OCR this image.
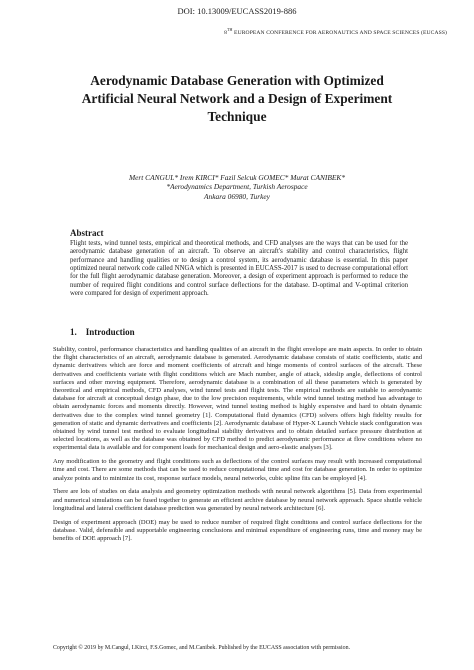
DOI: 10.13009/EUCASS2019-886
8TH EUROPEAN CONFERENCE FOR AERONAUTICS AND SPACE SCIENCES (EUCASS)
Aerodynamic Database Generation with Optimized
Artificial Neural Network and a Design of Experiment
Technique
Mert CANGUL* Irem KIRCI* Fazil Selcuk GOMEC* Murat CANIBEK*
*Aerodynamics Department, Turkish Aerospace
Ankara 06980, Turkey
Abstract
Flight tests, wind tunnel tests, empirical and theoretical methods, and CFD analyses are the ways that can be used for the aerodynamic database generation of an aircraft. To observe an aircraft's stability and control characteristics, flight performance and handling qualities or to design a control system, its aerodynamic database is essential. In this paper optimized neural network code called NNGA which is presented in EUCASS-2017 is used to decrease computational effort for the full flight aerodynamic database generation. Moreover, a design of experiment approach is performed to reduce the number of required flight conditions and control surface deflections for the database. D-optimal and V-optimal criterion were compared for design of experiment approach.
1. Introduction

Stability, control, performance characteristics and handling qualities of an aircraft in the flight envelope are main aspects. In order to obtain the flight characteristics of an aircraft, aerodynamic database is generated. Aerodynamic database consists of static coefficients, static and dynamic derivatives which are force and moment coefficients of aircraft and hinge moments of control surfaces of the aircraft. These derivatives and coefficients variate with flight conditions which are Mach number, angle of attack, sideslip angle, deflections of control surfaces and other moving equipment. Therefore, aerodynamic database is a combination of all these parameters which is generated by theoretical and empirical methods, CFD analyses, wind tunnel tests and flight tests. The empirical methods are suitable to aerodynamic database for aircraft at conceptual design phase, due to the low precision requirements, while wind tunnel testing method has advantage to obtain aerodynamic forces and moments directly. However, wind tunnel testing method is highly expensive and hard to obtain dynamic derivatives due to the complex wind tunnel geometry [1]. Computational fluid dynamics (CFD) solvers offers high fidelity results for generation of static and dynamic derivatives and coefficients [2]. Aerodynamic database of Hyper-X Launch Vehicle stack configuration was obtained by wind tunnel test method to evaluate longitudinal stability derivatives and to obtain detailed surface pressure distribution at selected locations, as well as the database was obtained by CFD method to predict aerodynamic performance at flow conditions where no experimental data is available and for component loads for mechanical design and aero-elastic analyses [3].

Any modification to the geometry and flight conditions such as deflections of the control surfaces may result with increased computational time and cost. There are some methods that can be used to reduce computational time and cost for database generation. In order to optimize analyze points and to minimize its cost, response surface models, neural networks, cubic spline fits can be employed [4].

There are lots of studies on data analysis and geometry optimization methods with neural network algorithms [5]. Data from experimental and numerical simulations can be fused together to generate an efficient archive database by neural network approach. Space shuttle vehicle longitudinal and lateral coefficient database prediction was generated by neural network architecture [6].

Design of experiment approach (DOE) may be used to reduce number of required flight conditions and control surface deflections for the database. Valid, defensible and supportable engineering conclusions and minimal expenditure of engineering runs, time and money may be benefits of DOE approach [7].

Copyright © 2019 by M.Cangul, I.Kirci, F.S.Gomec, and M.Canibek. Published by the EUCASS association with permission.
